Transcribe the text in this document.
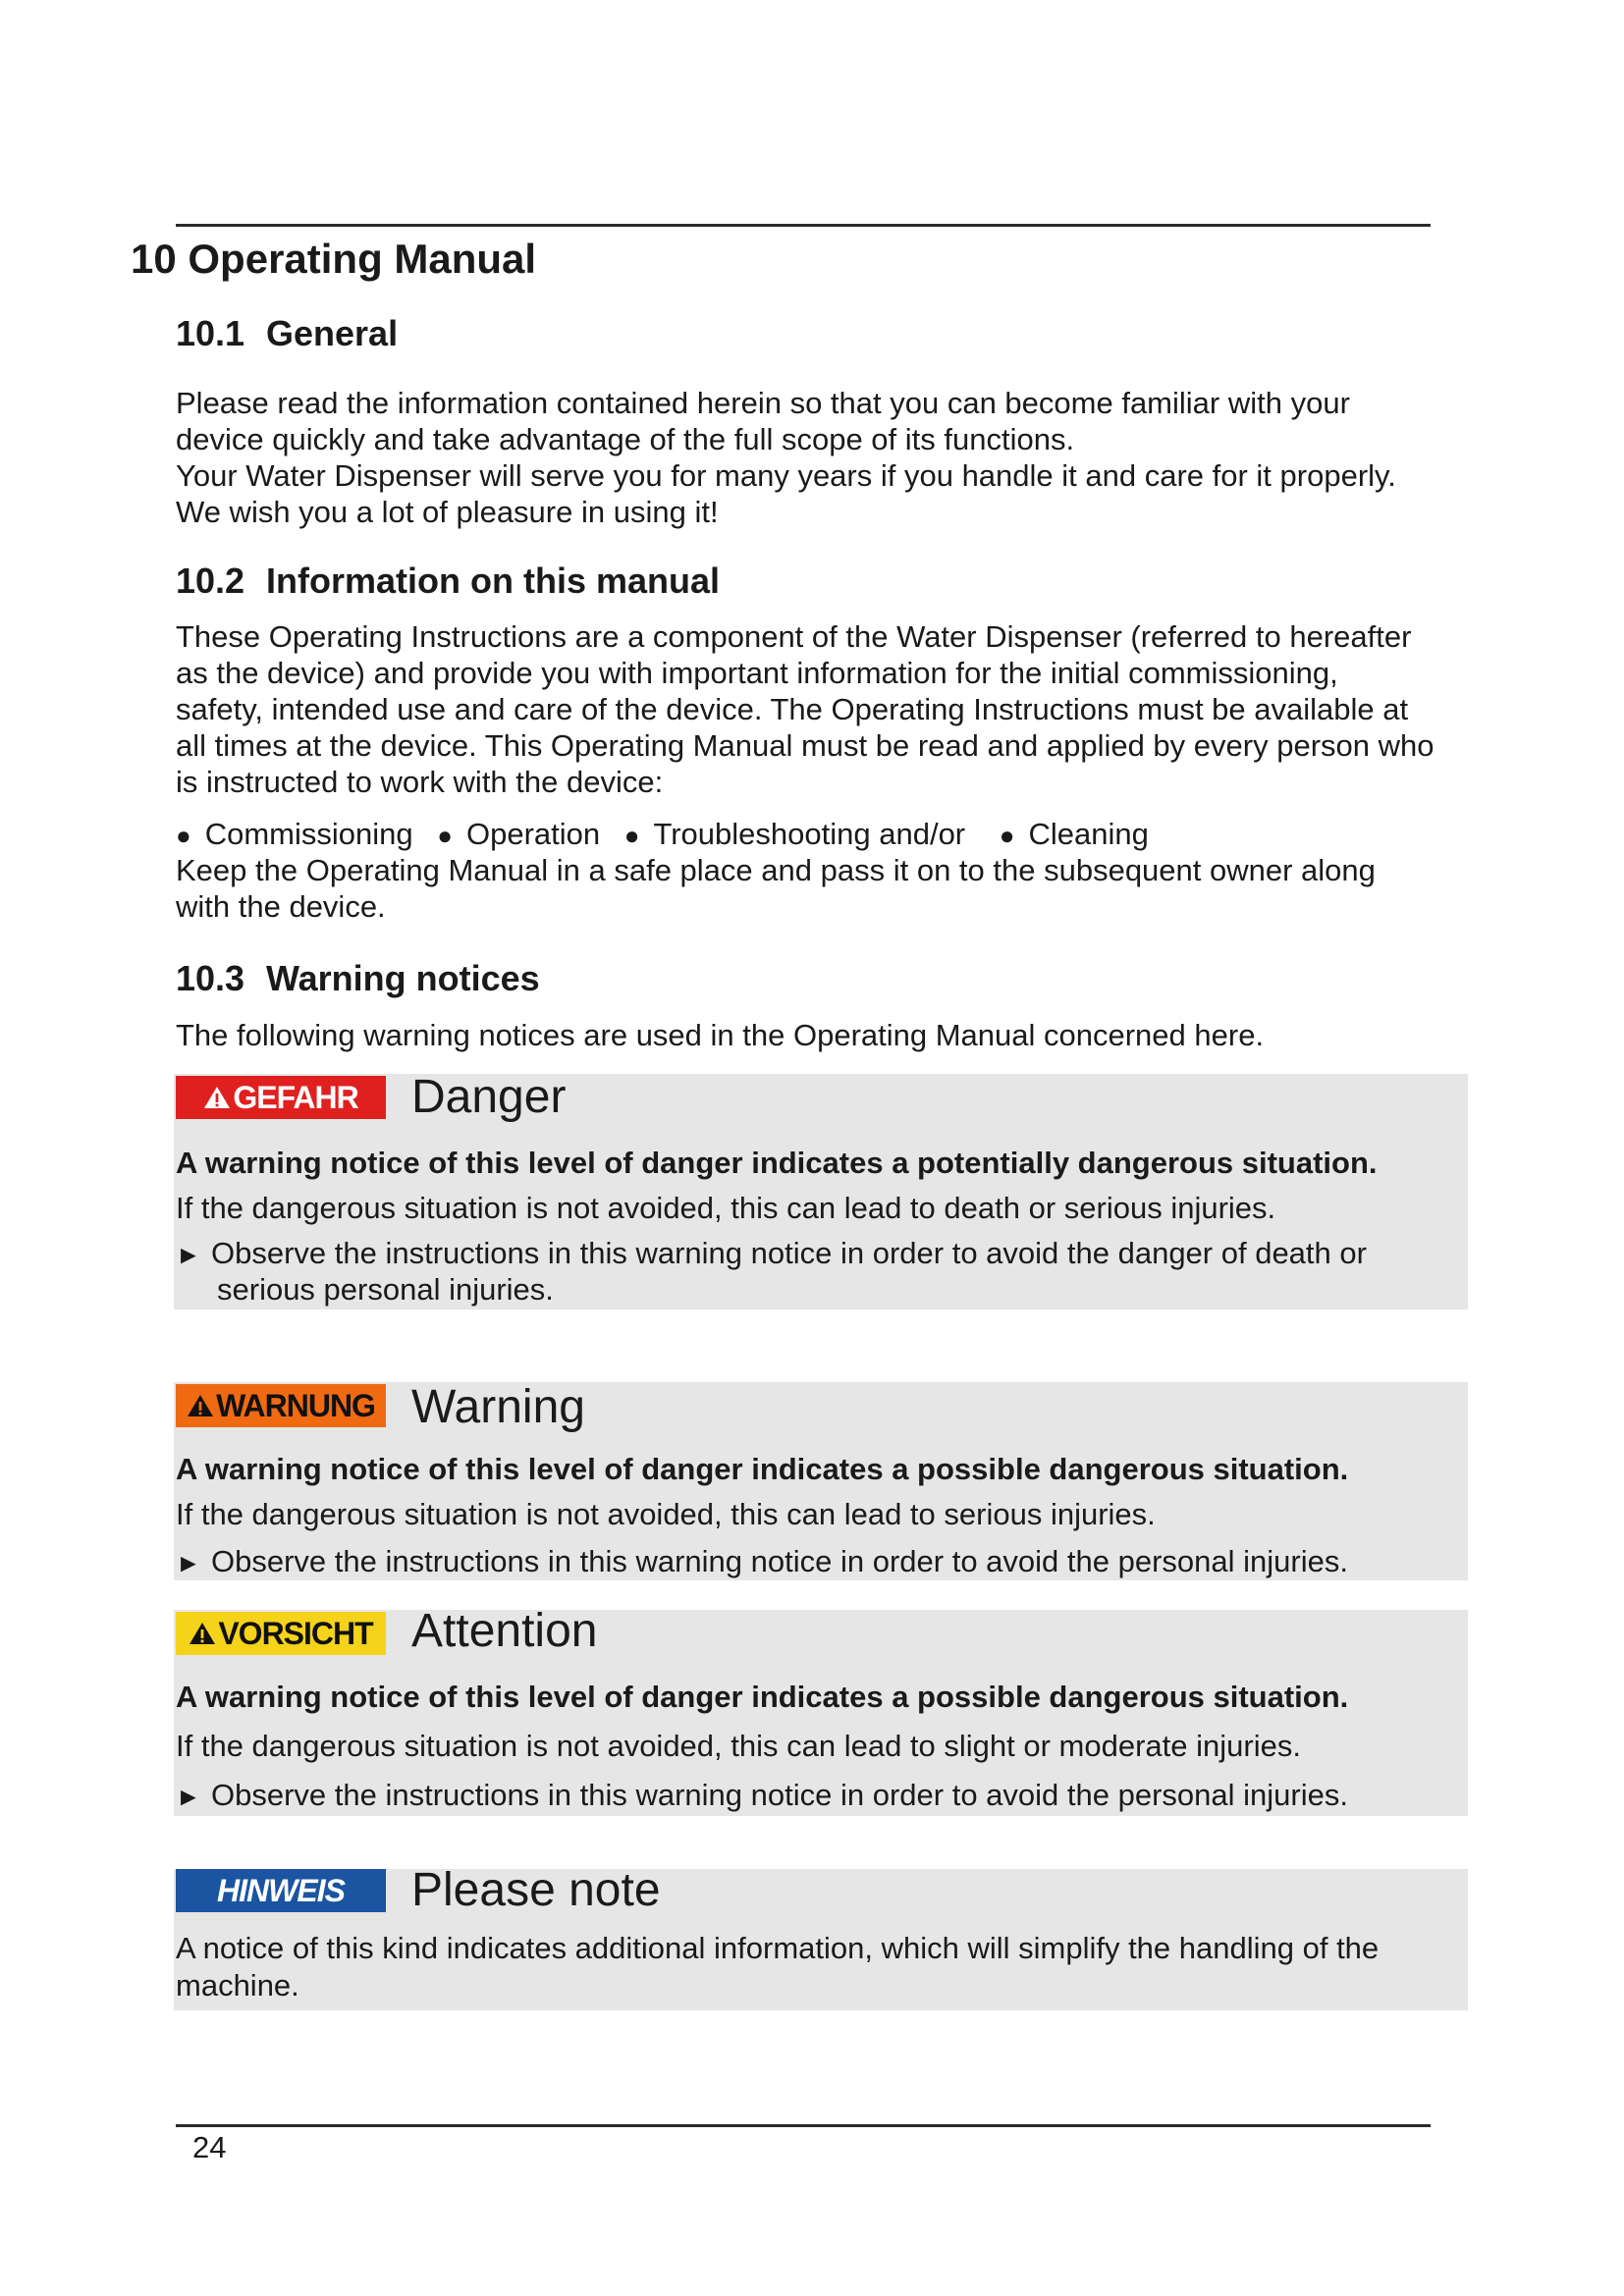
10 Operating Manual
10.1 General
Please read the information contained herein so that you can become familiar with your
device quickly and take advantage of the full scope of its functions.
Your Water Dispenser will serve you for many years if you handle it and care for it properly.
We wish you a lot of pleasure in using it!
10.2 Information on this manual
These Operating Instructions are a component of the Water Dispenser (referred to hereafter
as the device) and provide you with important information for the initial commissioning,
safety, intended use and care of the device. The Operating Instructions must be available at
all times at the device. This Operating Manual must be read and applied by every person who
is instructed to work with the device:
● Commissioning ● Operation ● Troubleshooting and/or ● Cleaning
Keep the Operating Manual in a safe place and pass it on to the subsequent owner along
with the device.
10.3 Warning notices
The following warning notices are used in the Operating Manual concerned here.
GEFAHR Danger
A warning notice of this level of danger indicates a potentially dangerous situation.
If the dangerous situation is not avoided, this can lead to death or serious injuries.
► Observe the instructions in this warning notice in order to avoid the danger of death or
serious personal injuries.
WARNUNG Warning
A warning notice of this level of danger indicates a possible dangerous situation.
If the dangerous situation is not avoided, this can lead to serious injuries.
► Observe the instructions in this warning notice in order to avoid the personal injuries.
VORSICHT Attention
A warning notice of this level of danger indicates a possible dangerous situation.
If the dangerous situation is not avoided, this can lead to slight or moderate injuries.
► Observe the instructions in this warning notice in order to avoid the personal injuries.
HINWEIS Please note
A notice of this kind indicates additional information, which will simplify the handling of the
machine.
24
